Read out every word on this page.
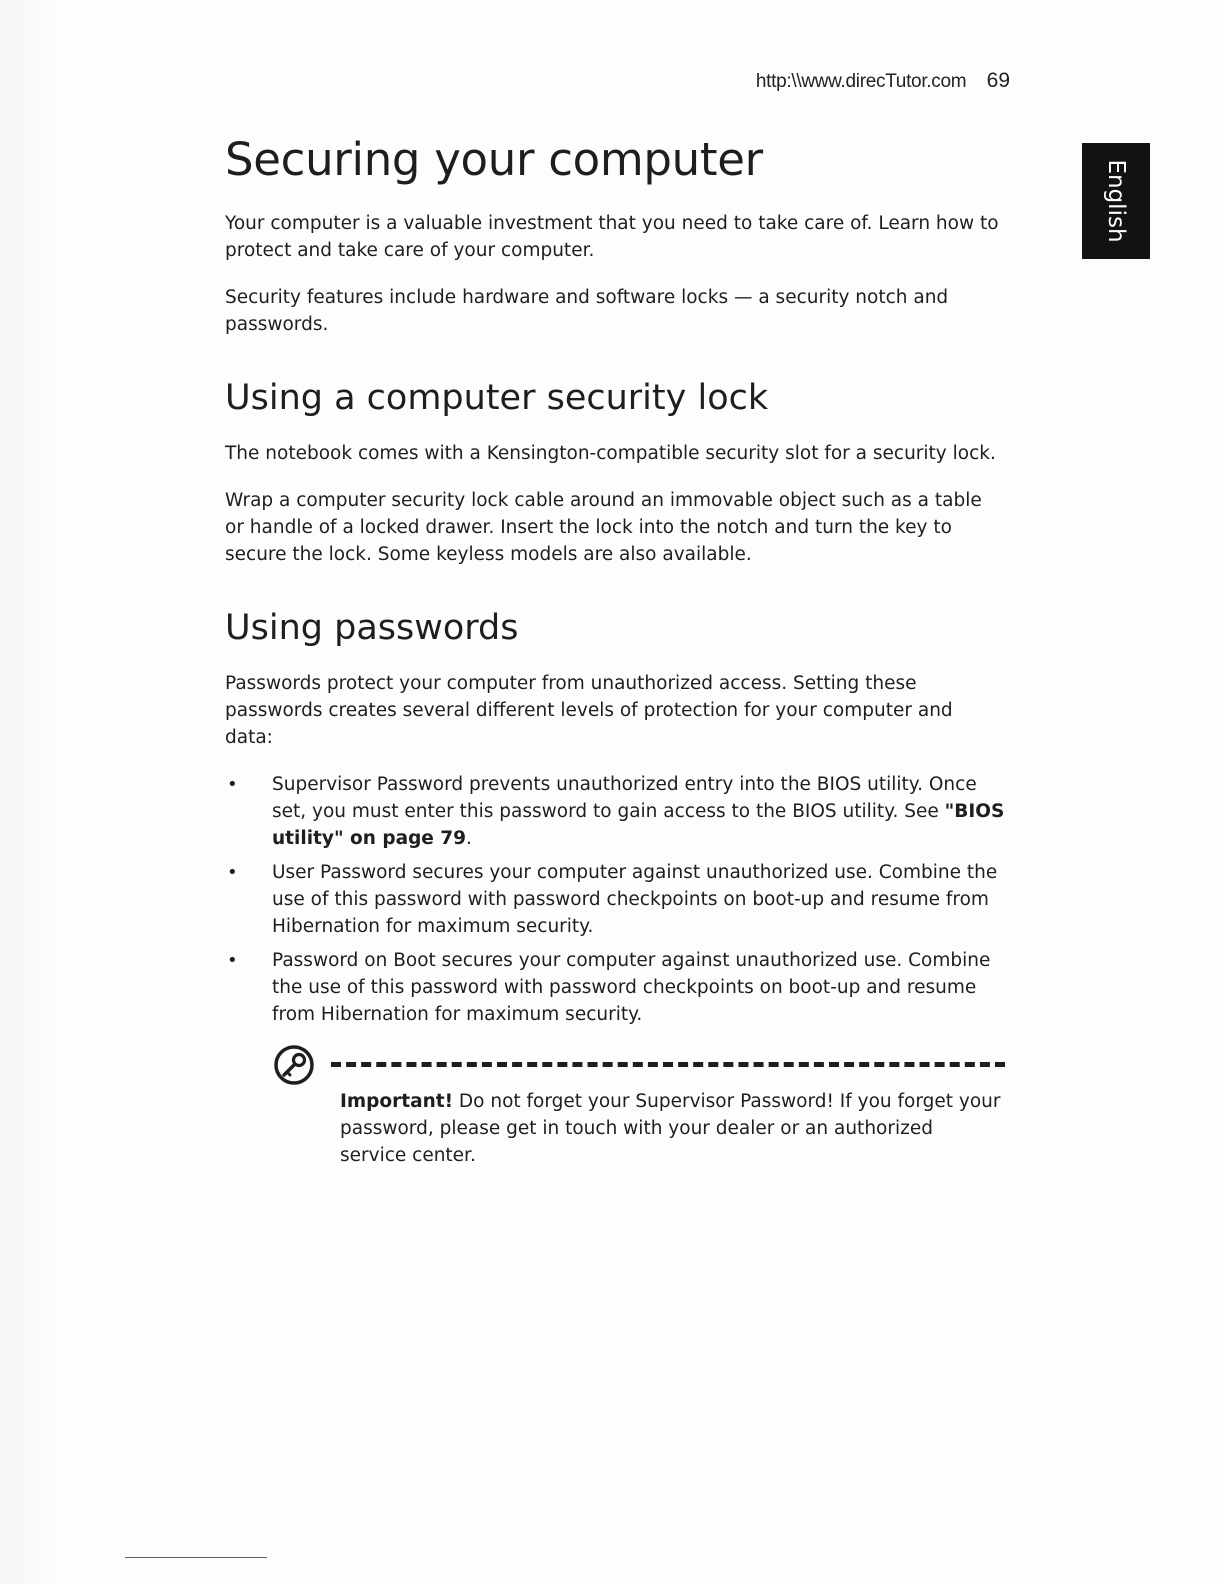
http:\\www.direcTutor.com 69
English
Securing your computer

Your computer is a valuable investment that you need to take care of. Learn how to protect and take care of your computer.

Security features include hardware and software locks — a security notch and passwords.

Using a computer security lock

The notebook comes with a Kensington-compatible security slot for a security lock.

Wrap a computer security lock cable around an immovable object such as a table or handle of a locked drawer. Insert the lock into the notch and turn the key to secure the lock. Some keyless models are also available.

Using passwords

Passwords protect your computer from unauthorized access. Setting these passwords creates several different levels of protection for your computer and data:

• Supervisor Password prevents unauthorized entry into the BIOS utility. Once set, you must enter this password to gain access to the BIOS utility. See "BIOS utility" on page 79.
• User Password secures your computer against unauthorized use. Combine the use of this password with password checkpoints on boot-up and resume from Hibernation for maximum security.
• Password on Boot secures your computer against unauthorized use. Combine the use of this password with password checkpoints on boot-up and resume from Hibernation for maximum security.
Important! Do not forget your Supervisor Password! If you forget your password, please get in touch with your dealer or an authorized service center.
